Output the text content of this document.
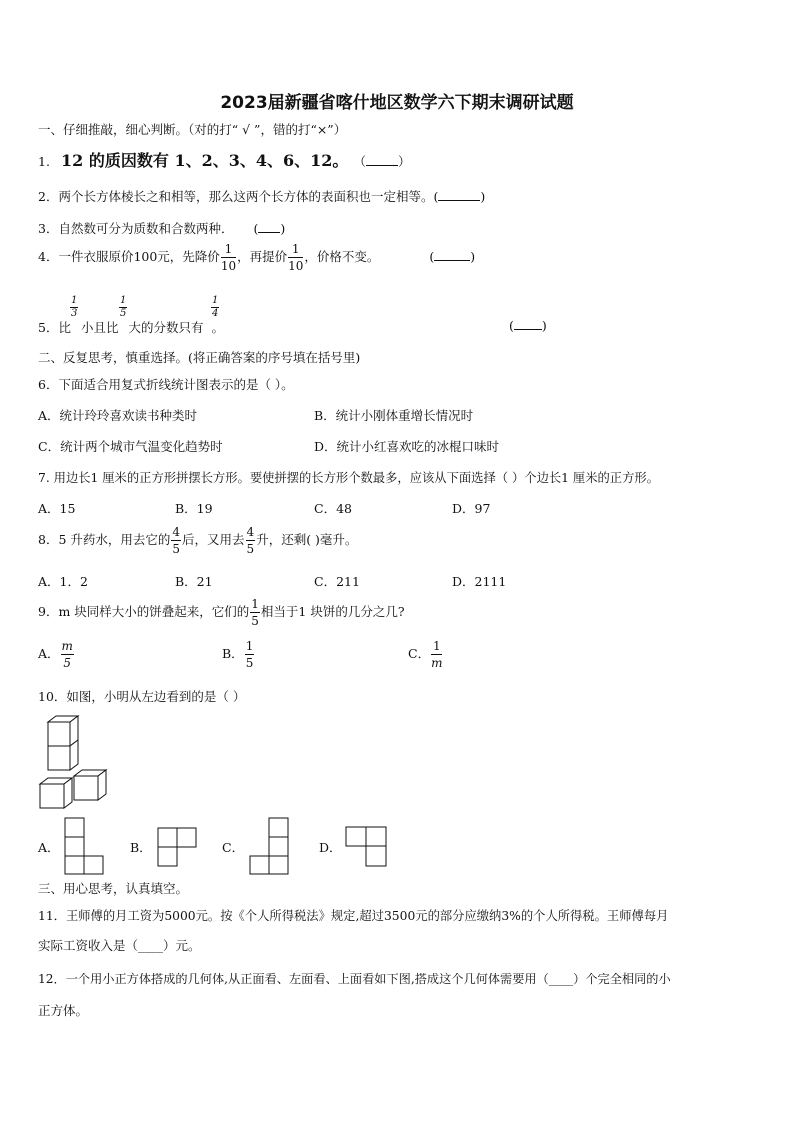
2023届新疆省喀什地区数学六下期末调研试题
一、仔细推敲，细心判断。（对的打“ √ ”，错的打“×”）
1. 12 的质因数有 1、2、3、4、6、12。 （	）
2．两个长方体棱长之和相等，那么这两个长方体的表面积也一定相等。(	)
3．自然数可分为质数和合数两种． ( )
4．一件衣服原价100元，先降价 $\frac{1}{10}$ ，再提价 $\frac{1}{10}$ ，价格不变。	(	)
1
3
1
5
1
4
5．比 小且比 大的分数只有 。	( )
二、反复思考，慎重选择。(将正确答案的序号填在括号里)
6．下面适合用复式折线统计图表示的是（ ）。
A．统计玲玲喜欢读书种类时	B．统计小刚体重增长情况时
C．统计两个城市气温变化趋势时	D．统计小红喜欢吃的冰棍口味时
7. 用边长1 厘米的正方形拼摆长方形。要使拼摆的长方形个数最多，应该从下面选择（ ）个边长1 厘米的正方形。
A．15	B．19	C．48	D．97
8．5 升药水，用去它的 $\frac{4}{5}$ 后，又用去 $\frac{4}{5}$ 升，还剩( )毫升。
A．1．2	B．21	C．211	D．2111
9．m 块同样大小的饼叠起来，它们的 $\frac{1}{5}$ 相当于1 块饼的几分之几?
A． $\frac{m}{5}$	B． $\frac{1}{5}$	C． $\frac{1}{m}$
10．如图，小明从左边看到的是（ ）
A．	B．	C．	D．
三、用心思考，认真填空。
11．王师傅的月工资为5000元。按《个人所得税法》规定,超过3500元的部分应缴纳3%的个人所得税。王师傅每月
实际工资收入是（____）元。
12．一个用小正方体搭成的几何体,从正面看、左面看、上面看如下图,搭成这个几何体需要用（____）个完全相同的小
正方体。
